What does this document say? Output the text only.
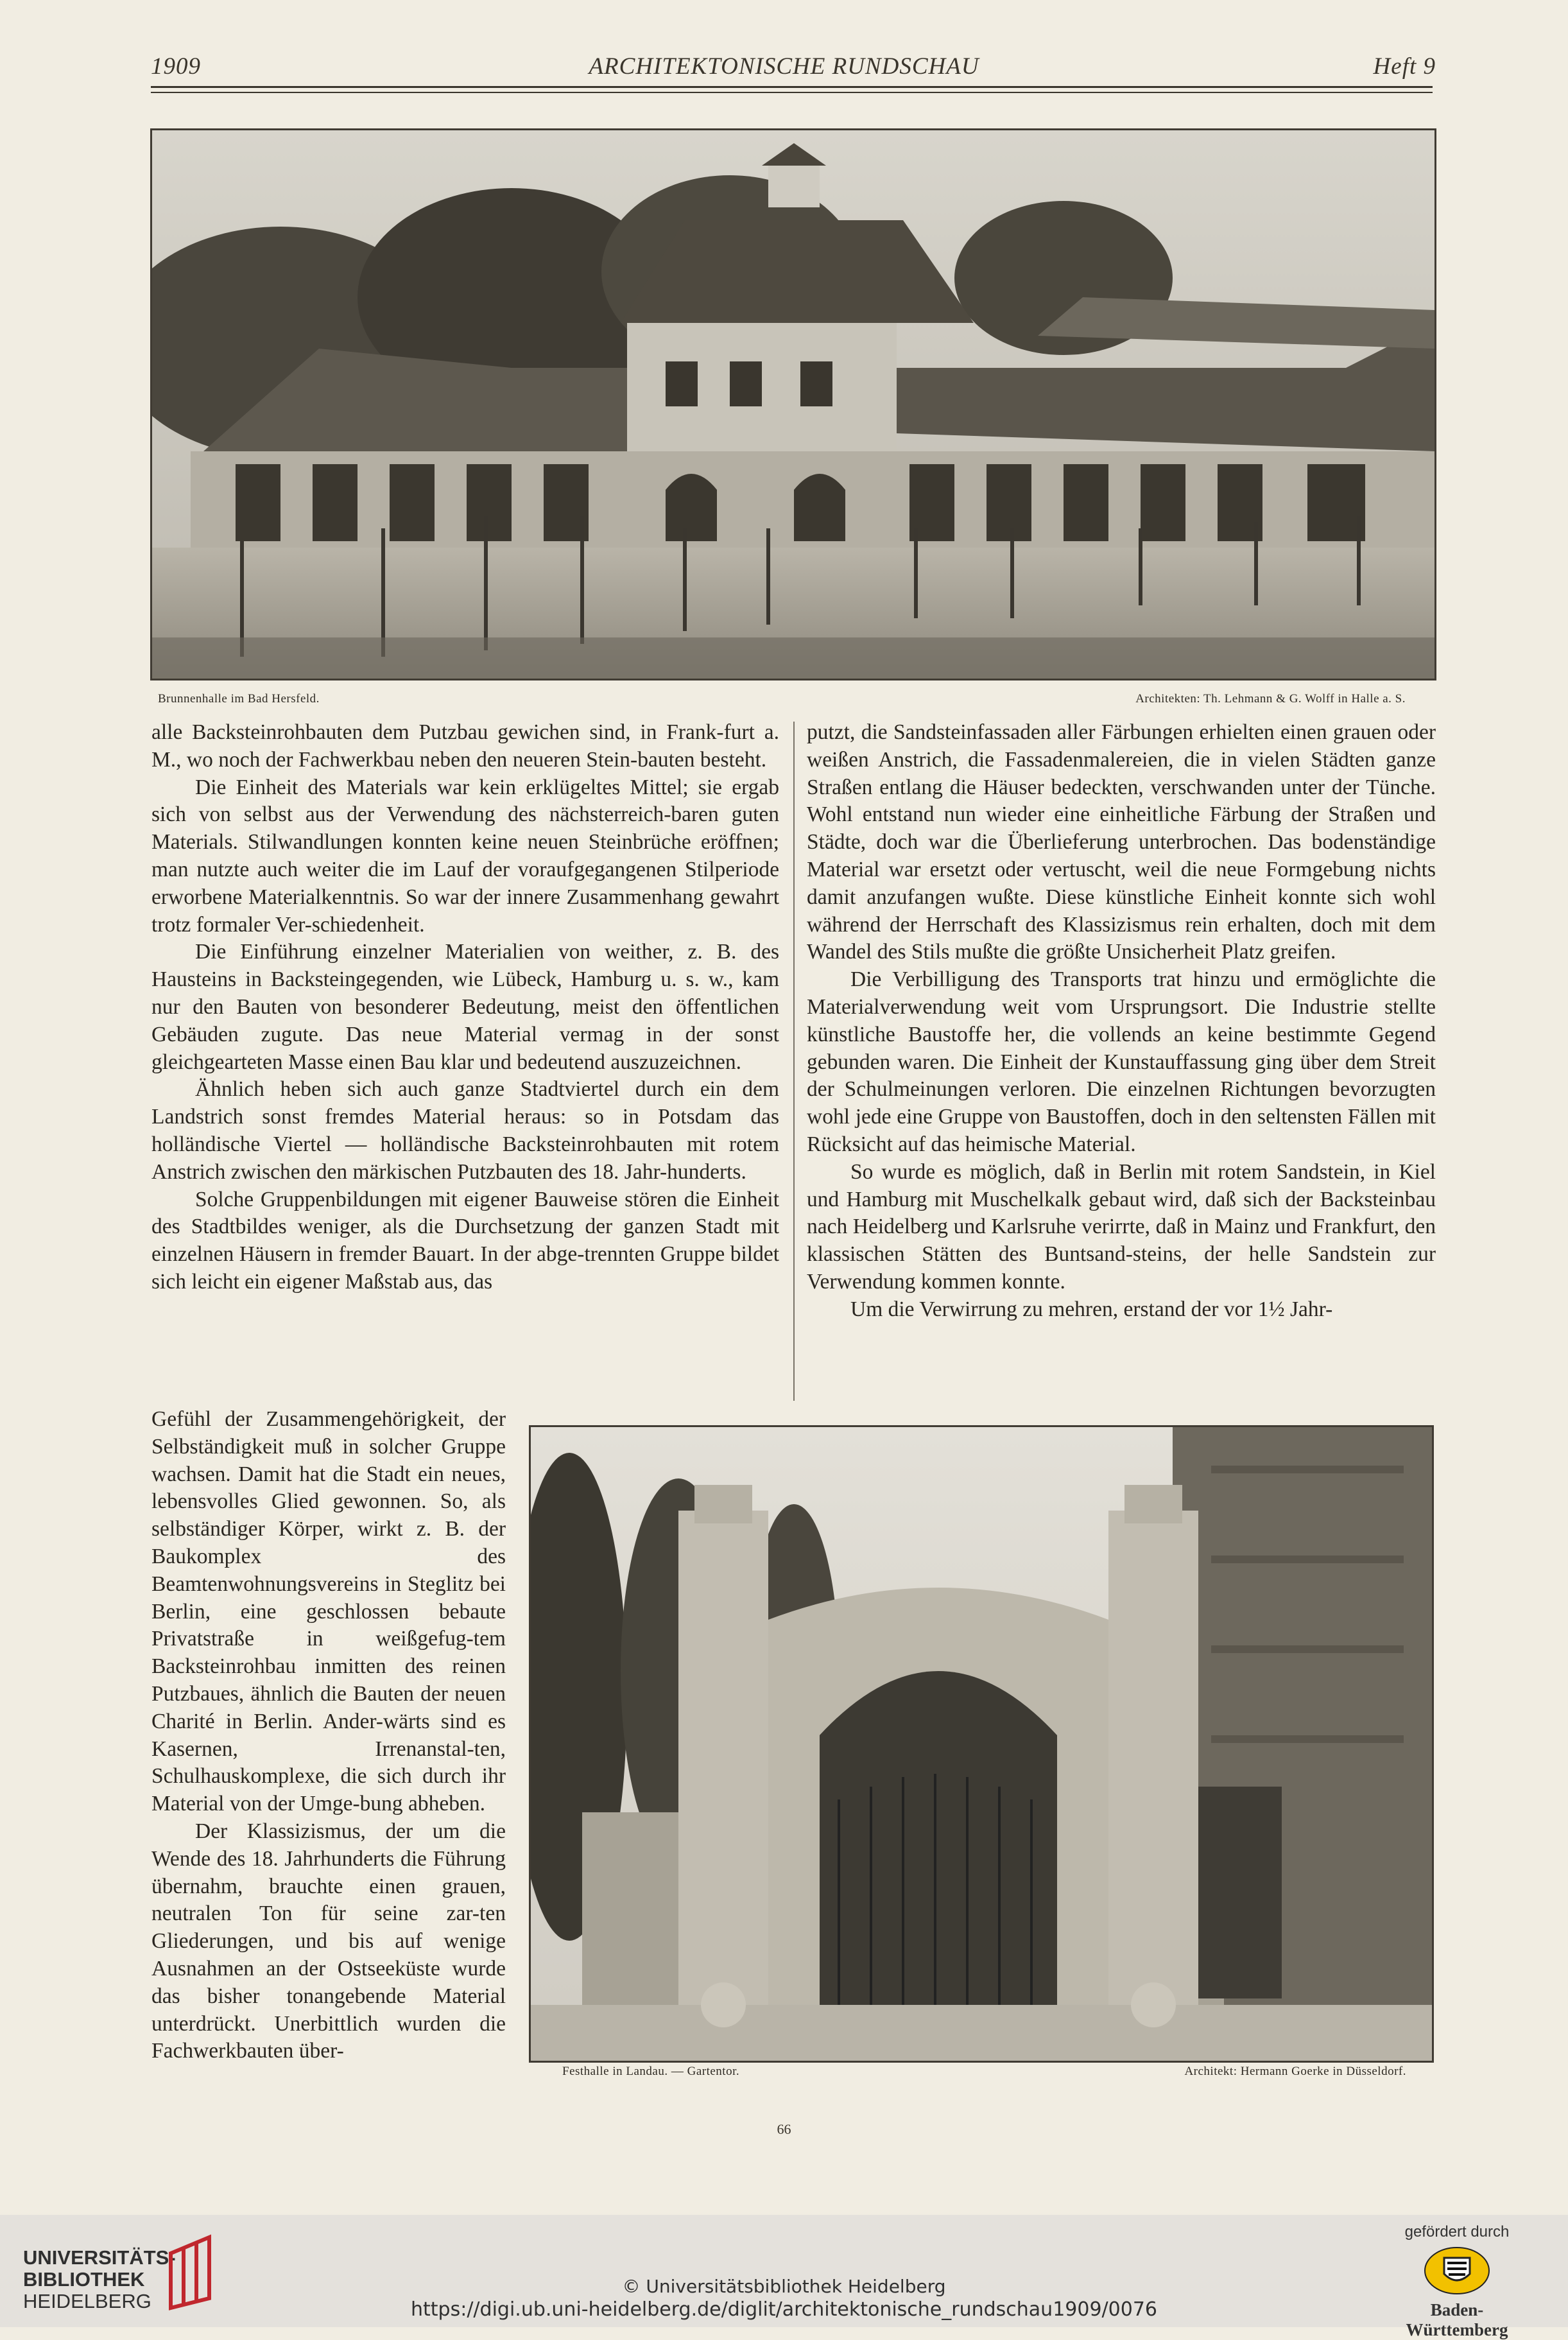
1909	ARCHITEKTONISCHE RUNDSCHAU	Heft 9
Brunnenhalle im Bad Hersfeld.	Architekten: Th. Lehmann & G. Wolff in Halle a. S.

alle Backsteinrohbauten dem Putzbau gewichen sind, in Frank-furt a. M., wo noch der Fachwerkbau neben den neueren Stein-bauten besteht.

Die Einheit des Materials war kein erklügeltes Mittel; sie ergab sich von selbst aus der Verwendung des nächsterreich-baren guten Materials. Stilwandlungen konnten keine neuen Steinbrüche eröffnen; man nutzte auch weiter die im Lauf der voraufgegangenen Stilperiode erworbene Materialkenntnis. So war der innere Zusammenhang gewahrt trotz formaler Ver-schiedenheit.

Die Einführung einzelner Materialien von weither, z. B. des Hausteins in Backsteingegenden, wie Lübeck, Hamburg u. s. w., kam nur den Bauten von besonderer Bedeutung, meist den öffentlichen Gebäuden zugute. Das neue Material vermag in der sonst gleichgearteten Masse einen Bau klar und bedeutend auszuzeichnen.

Ähnlich heben sich auch ganze Stadtviertel durch ein dem Landstrich sonst fremdes Material heraus: so in Potsdam das holländische Viertel — holländische Backsteinrohbauten mit rotem Anstrich zwischen den märkischen Putzbauten des 18. Jahr-hunderts.

Solche Gruppenbildungen mit eigener Bauweise stören die Einheit des Stadtbildes weniger, als die Durchsetzung der ganzen Stadt mit einzelnen Häusern in fremder Bauart. In der abge-trennten Gruppe bildet sich leicht ein eigener Maßstab aus, das

putzt, die Sandsteinfassaden aller Färbungen erhielten einen grauen oder weißen Anstrich, die Fassadenmalereien, die in vielen Städten ganze Straßen entlang die Häuser bedeckten, verschwanden unter der Tünche. Wohl entstand nun wieder eine einheitliche Färbung der Straßen und Städte, doch war die Überlieferung unterbrochen. Das bodenständige Material war ersetzt oder vertuscht, weil die neue Formgebung nichts damit anzufangen wußte. Diese künstliche Einheit konnte sich wohl während der Herrschaft des Klassizismus rein erhalten, doch mit dem Wandel des Stils mußte die größte Unsicherheit Platz greifen.

Die Verbilligung des Transports trat hinzu und ermöglichte die Materialverwendung weit vom Ursprungsort. Die Industrie stellte künstliche Baustoffe her, die vollends an keine bestimmte Gegend gebunden waren. Die Einheit der Kunstauffassung ging über dem Streit der Schulmeinungen verloren. Die einzelnen Richtungen bevorzugten wohl jede eine Gruppe von Baustoffen, doch in den seltensten Fällen mit Rücksicht auf das heimische Material.

So wurde es möglich, daß in Berlin mit rotem Sandstein, in Kiel und Hamburg mit Muschelkalk gebaut wird, daß sich der Backsteinbau nach Heidelberg und Karlsruhe verirrte, daß in Mainz und Frankfurt, den klassischen Stätten des Buntsand-steins, der helle Sandstein zur Verwendung kommen konnte.

Um die Verwirrung zu mehren, erstand der vor 1½ Jahr-

Gefühl der Zusammengehörigkeit, der Selbständigkeit muß in solcher Gruppe wachsen. Damit hat die Stadt ein neues, lebensvolles Glied gewonnen. So, als selbständiger Körper, wirkt z. B. der Baukomplex des Beamtenwohnungsvereins in Steglitz bei Berlin, eine geschlossen bebaute Privatstraße in weißgefug-tem Backsteinrohbau inmitten des reinen Putzbaues, ähnlich die Bauten der neuen Charité in Berlin. Ander-wärts sind es Kasernen, Irrenanstal-ten, Schulhauskomplexe, die sich durch ihr Material von der Umge-bung abheben.

Der Klassizismus, der um die Wende des 18. Jahrhunderts die Führung übernahm, brauchte einen grauen, neutralen Ton für seine zar-ten Gliederungen, und bis auf wenige Ausnahmen an der Ostseeküste wurde das bisher tonangebende Material unterdrückt. Unerbittlich wurden die Fachwerkbauten über-

Festhalle in Landau. — Gartentor.	Architekt: Hermann Goerke in Düsseldorf.
66
UNIVERSITÄTS-
BIBLIOTHEK
HEIDELBERG
© Universitätsbibliothek Heidelberg
https://digi.ub.uni-heidelberg.de/diglit/architektonische_rundschau1909/0076
gefördert durch
Baden-Württemberg
